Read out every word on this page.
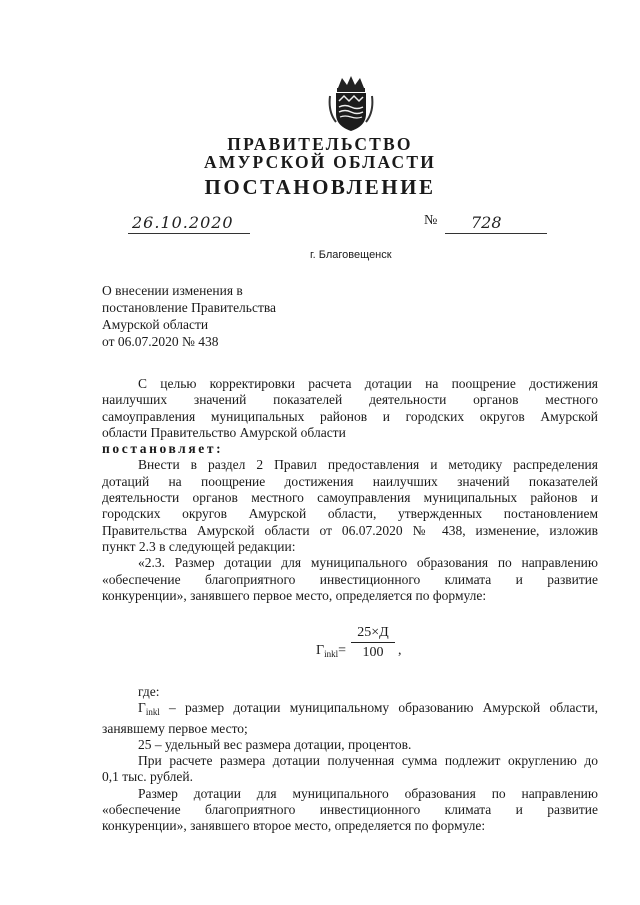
ПРАВИТЕЛЬСТВО
АМУРСКОЙ ОБЛАСТИ
ПОСТАНОВЛЕНИЕ
26.10.2020	№	728
г. Благовещенск
О внесении изменения в
постановление Правительства
Амурской области
от 06.07.2020 № 438
С целью корректировки расчета дотации на поощрение достижения
наилучших значений показателей деятельности органов местного
самоуправления муниципальных районов и городских округов Амурской
области Правительство Амурской области
постановляет:
Внести в раздел 2 Правил предоставления и методику распределения
дотаций на поощрение достижения наилучших значений показателей
деятельности органов местного самоуправления муниципальных районов и
городских округов Амурской области, утвержденных постановлением
Правительства Амурской области от 06.07.2020 № 438, изменение, изложив
пункт 2.3 в следующей редакции:
«2.3. Размер дотации для муниципального образования по направлению
«обеспечение благоприятного инвестиционного климата и развитие
конкуренции», занявшего первое место, определяется по формуле:
$Г_{inkl}=$
25×Д
100	,
где:
$Г_{inkl}$ – размер дотации муниципальному образованию Амурской области,
занявшему первое место;
25 – удельный вес размера дотации, процентов.
При расчете размера дотации полученная сумма подлежит округлению до
0,1 тыс. рублей.
Размер дотации для муниципального образования по направлению
«обеспечение благоприятного инвестиционного климата и развитие
конкуренции», занявшего второе место, определяется по формуле:
